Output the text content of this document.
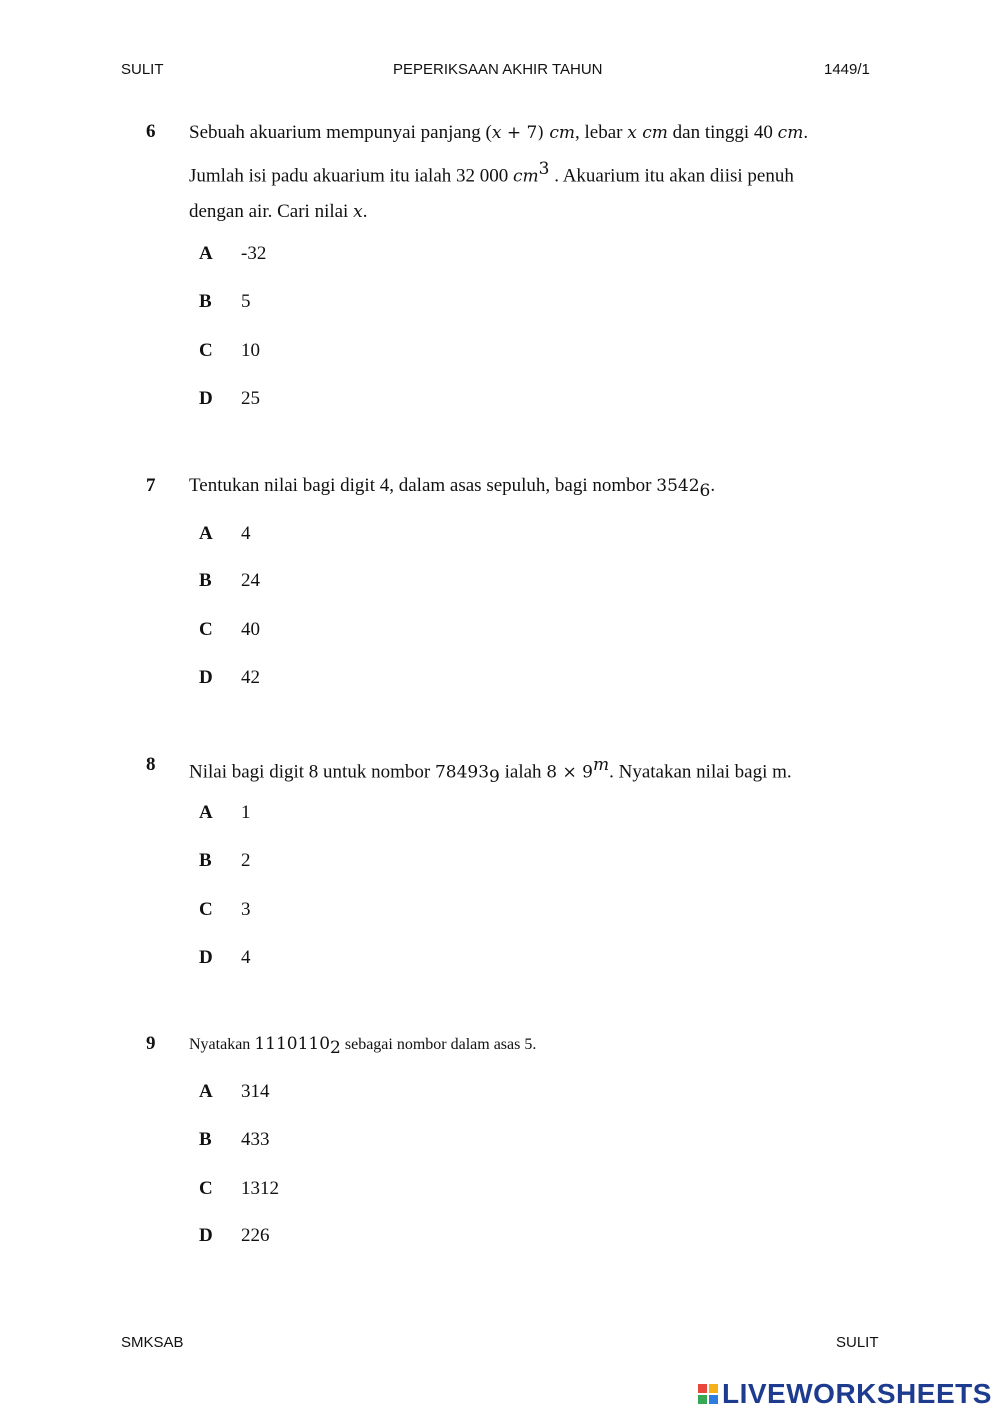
SULIT	PEPERIKSAAN AKHIR TAHUN	1449/1
6 Sebuah akuarium mempunyai panjang (x + 7) cm, lebar x cm dan tinggi 40 cm.
Jumlah isi padu akuarium itu ialah 32 000 $cm^3$ . Akuarium itu akan diisi penuh
dengan air. Cari nilai x.
A -32
B 5
C 10
D 25
7 Tentukan nilai bagi digit 4, dalam asas sepuluh, bagi nombor $3542_6$.
A 4
B 24
C 40
D 42
8 Nilai bagi digit 8 untuk nombor $78493_9$ ialah $8 \times 9^m$. Nyatakan nilai bagi m.
A 1
B 2
C 3
D 4
9 Nyatakan $1110110_2$ sebagai nombor dalam asas 5.
A 314
B 433
C 1312
D 226
SMKSAB	SULIT
LIVEWORKSHEETS
